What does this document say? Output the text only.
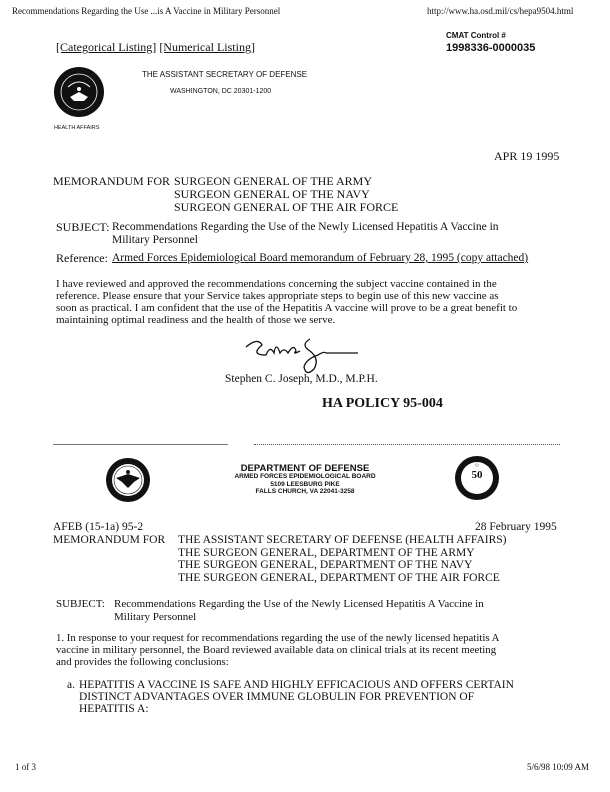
Recommendations Regarding the Use ...is A Vaccine in Military Personnel	http://www.ha.osd.mil/cs/hepa9504.html
[Categorical Listing] [Numerical Listing]
CMAT Control #
1998336-0000035
HEALTH AFFAIRS
THE ASSISTANT SECRETARY OF DEFENSE
WASHINGTON, DC 20301-1200
APR 19 1995
MEMORANDUM FOR SURGEON GENERAL OF THE ARMY
SURGEON GENERAL OF THE NAVY
SURGEON GENERAL OF THE AIR FORCE
SUBJECT: Recommendations Regarding the Use of the Newly Licensed Hepatitis A Vaccine in
Military Personnel
Reference: Armed Forces Epidemiological Board memorandum of February 28, 1995 (copy attached)
I have reviewed and approved the recommendations concerning the subject vaccine contained in the
reference. Please ensure that your Service takes appropriate steps to begin use of this new vaccine as
soon as practical. I am confident that the use of the Hepatitis A vaccine will prove to be a great benefit to
maintaining optimal readiness and the health of those we serve.
Stephen C. Joseph, M.D., M.P.H.
HA POLICY 95-004
☆
50
DEPARTMENT OF DEFENSE
ARMED FORCES EPIDEMIOLOGICAL BOARD
5109 LEESBURG PIKE
FALLS CHURCH, VA 22041-3258
AFEB (15-1a) 95-2	28 February 1995
MEMORANDUM FOR THE ASSISTANT SECRETARY OF DEFENSE (HEALTH AFFAIRS)
THE SURGEON GENERAL, DEPARTMENT OF THE ARMY
THE SURGEON GENERAL, DEPARTMENT OF THE NAVY
THE SURGEON GENERAL, DEPARTMENT OF THE AIR FORCE
SUBJECT: Recommendations Regarding the Use of the Newly Licensed Hepatitis A Vaccine in
Military Personnel
1. In response to your request for recommendations regarding the use of the newly licensed hepatitis A
vaccine in military personnel, the Board reviewed available data on clinical trials at its recent meeting
and provides the following conclusions:
a. HEPATITIS A VACCINE IS SAFE AND HIGHLY EFFICACIOUS AND OFFERS CERTAIN
DISTINCT ADVANTAGES OVER IMMUNE GLOBULIN FOR PREVENTION OF
HEPATITIS A:
1 of 3	5/6/98 10:09 AM
